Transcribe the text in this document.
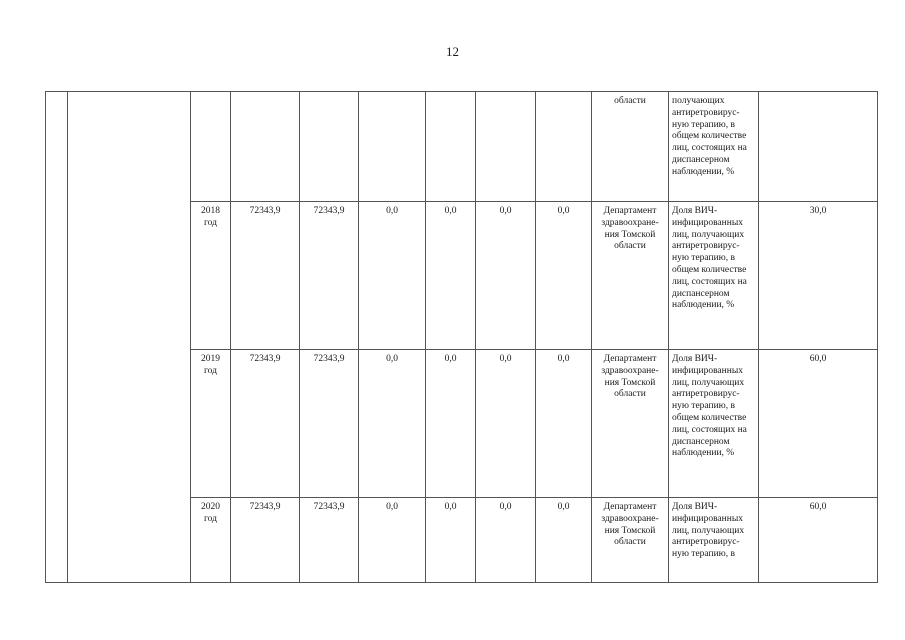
12
									области	получающих антиретровирус-ную терапию, в общем количестве лиц, состоящих на диспансерном наблюдении, %	
		2018 год	72343,9	72343,9	0,0	0,0	0,0	0,0	Департамент здравоохране-ния Томской области	Доля ВИЧ-инфицированных лиц, получающих антиретровирус-ную терапию, в общем количестве лиц, состоящих на диспансерном наблюдении, %	30,0
		2019 год	72343,9	72343,9	0,0	0,0	0,0	0,0	Департамент здравоохране-ния Томской области	Доля ВИЧ-инфицированных лиц, получающих антиретровирус-ную терапию, в общем количестве лиц, состоящих на диспансерном наблюдении, %	60,0
		2020 год	72343,9	72343,9	0,0	0,0	0,0	0,0	Департамент здравоохране-ния Томской области	Доля ВИЧ-инфицированных лиц, получающих антиретровирус-ную терапию, в	60,0
